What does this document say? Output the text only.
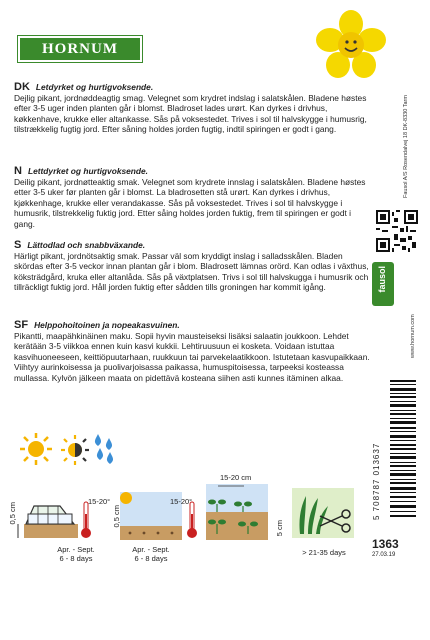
HORNUM
DK Letdyrket og hurtigvoksende.
Dejlig pikant, jordnøddeagtig smag. Velegnet som krydret indslag i salatskålen. Bladene høstes efter 3-5 uger inden planten går i blomst. Bladroset lades urørt. Kan dyrkes i drivhus, køkkenhave, krukke eller altankasse. Sås på voksestedet. Trives i sol til halvskygge i humusrig, tilstrækkelig fugtig jord. Efter såning holdes jorden fugtig, indtil spiringen er godt i gang.
N Lettdyrket og hurtigvoksende.
Deilig pikant, jordnøtteaktig smak. Velegnet som krydrete innslag i salatskålen. Bladene høstes etter 3-5 uker før planten går i blomst. La bladrosetten stå urørt. Kan dyrkes i drivhus, kjøkkenhage, krukke eller verandakasse. Sås på voksestedet. Trives i sol til halvskygge i humusrik, tilstrekkelig fuktig jord. Etter såing holdes jorden fuktig, frem til spiringen er godt i gang.
S Lättodlad och snabbväxande.
Härligt pikant, jordnötsaktig smak. Passar väl som kryddigt inslag i salladsskålen. Bladen skördas efter 3-5 veckor innan plantan går i blom. Bladrosett lämnas orörd. Kan odlas i växthus, köksträdgård, kruka eller altanlåda. Sås på växtplatsen. Trivs i sol till halvskugga i humusrik och tillräckligt fuktig jord. Håll jorden fuktig efter sådden tills groningen har kommit igång.
SF Helppohoitoinen ja nopeakasvuinen.
Pikantti, maapähkinäinen maku. Sopii hyvin mausteiseksi lisäksi salaatin joukkoon. Lehdet kerätään 3-5 viikkoa ennen kuin kasvi kukkii. Lehtiruusuun ei kosketa. Voidaan istuttaa kasvihuoneeseen, keittiöpuutarhaan, ruukkuun tai parvekelaatikkoon. Istutetaan kasvupaikkaan. Viihtyy aurinkoisessa ja puolivarjoisassa paikassa, humuspitoisessa, tarpeeksi kosteassa mullassa. Kylvön jälkeen maata on pidettävä kosteana siihen asti kunnes itäminen alkaa.
Fausol A/S Rosendalvej 18 DK-8330 Tarm
www.hornum.com
fausol
5 708787 013637
1363
27.03.19
0,5 cm
15-20°
Apr. - Sept.
6 - 8 days
15-20°
0,5 cm
Apr. - Sept.
6 - 8 days
15-20 cm
5 cm
> 21-35 days
